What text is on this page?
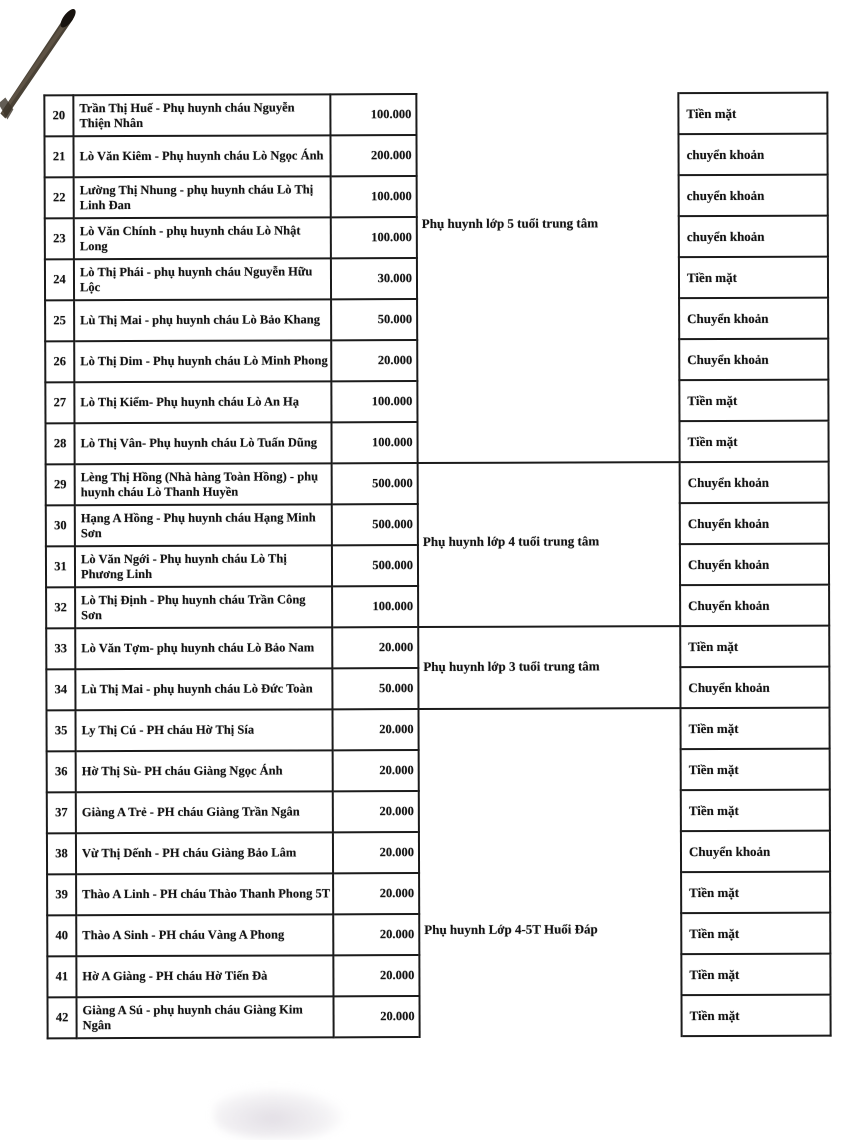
20	Trần Thị Huế - Phụ huynh cháu Nguyễn Thiện Nhân	100.000	Phụ huynh lớp 5 tuổi trung tâm	Tiền mặt
21	Lò Văn Kiêm - Phụ huynh cháu Lò Ngọc Ánh	200.000		chuyển khoản
22	Lường Thị Nhung - phụ huynh cháu Lò Thị Linh Đan	100.000		chuyển khoản
23	Lò Văn Chính - phụ huynh cháu Lò Nhật Long	100.000		chuyển khoản
24	Lò Thị Phái - phụ huynh cháu Nguyễn Hữu Lộc	30.000		Tiền mặt
25	Lù Thị Mai - phụ huynh cháu Lò Bảo Khang	50.000		Chuyển khoản
26	Lò Thị Dim - Phụ huynh cháu Lò Minh Phong	20.000		Chuyển khoản
27	Lò Thị Kiểm- Phụ huynh cháu Lò An Hạ	100.000		Tiền mặt
28	Lò Thị Vân- Phụ huynh cháu Lò Tuấn Dũng	100.000		Tiền mặt
29	Lèng Thị Hồng (Nhà hàng Toàn Hồng) - phụ huynh cháu Lò Thanh Huyền	500.000	Phụ huynh lớp 4 tuổi trung tâm	Chuyển khoản
30	Hạng A Hồng - Phụ huynh cháu Hạng Minh Sơn	500.000		Chuyển khoản
31	Lò Văn Ngới - Phụ huynh cháu Lò Thị Phương Linh	500.000		Chuyển khoản
32	Lò Thị Định - Phụ huynh cháu Trần Công Sơn	100.000		Chuyển khoản
33	Lò Văn Tợm- phụ huynh cháu Lò Bảo Nam	20.000	Phụ huynh lớp 3 tuổi trung tâm	Tiền mặt
34	Lù Thị Mai - phụ huynh cháu Lò Đức Toàn	50.000		Chuyển khoản
35	Ly Thị Cú - PH cháu Hờ Thị Sía	20.000	Phụ huynh Lớp 4-5T Huổi Đáp	Tiền mặt
36	Hờ Thị Sù- PH cháu Giàng Ngọc Ánh	20.000		Tiền mặt
37	Giàng A Trẻ - PH cháu Giàng Trần Ngân	20.000		Tiền mặt
38	Vừ Thị Dếnh - PH cháu Giàng Bảo Lâm	20.000		Chuyển khoản
39	Thào A Linh - PH cháu Thào Thanh Phong 5T	20.000		Tiền mặt
40	Thào A Sinh - PH cháu Vàng A Phong	20.000		Tiền mặt
41	Hờ A Giàng - PH cháu Hờ Tiến Đà	20.000		Tiền mặt
42	Giàng A Sú - phụ huynh cháu Giàng Kim Ngân	20.000		Tiền mặt
